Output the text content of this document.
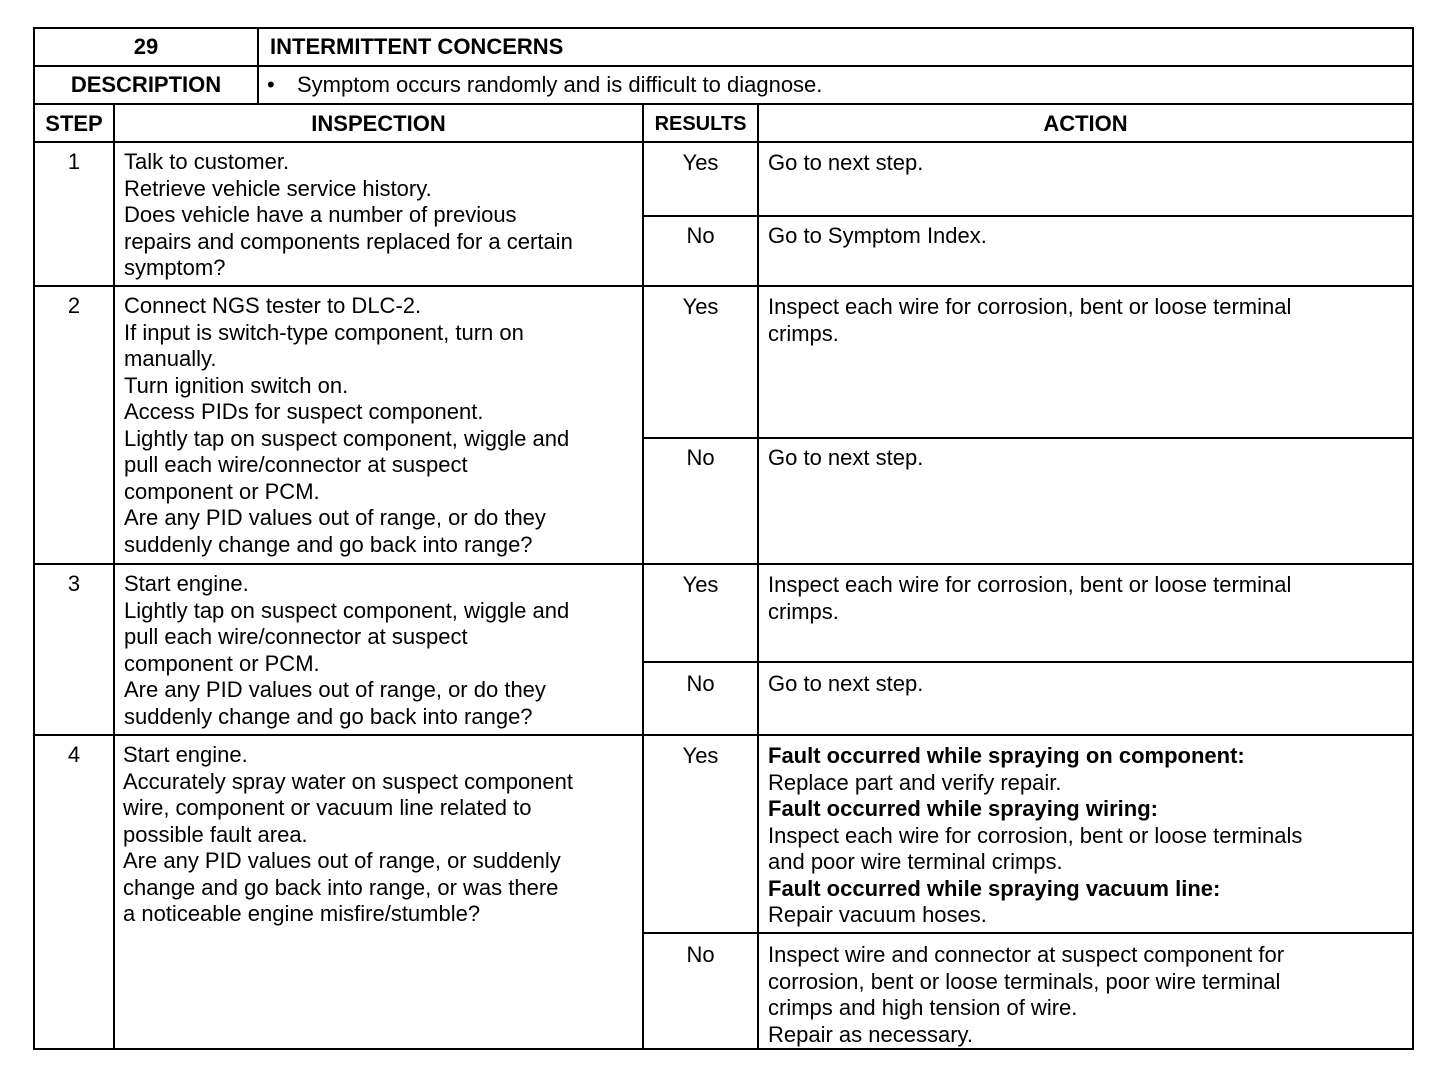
29	INTERMITTENT CONCERNS
DESCRIPTION	• Symptom occurs randomly and is difficult to diagnose.
STEP	INSPECTION	RESULTS	ACTION
1	Talk to customer.
Retrieve vehicle service history.
Does vehicle have a number of previous
repairs and components replaced for a certain
symptom?
Yes	Go to next step.
No	Go to Symptom Index.
2	Connect NGS tester to DLC-2.
If input is switch-type component, turn on
manually.
Turn ignition switch on.
Access PIDs for suspect component.
Lightly tap on suspect component, wiggle and
pull each wire/connector at suspect
component or PCM.
Are any PID values out of range, or do they
suddenly change and go back into range?
Yes	Inspect each wire for corrosion, bent or loose terminal
crimps.
No	Go to next step.
3	Start engine.
Lightly tap on suspect component, wiggle and
pull each wire/connector at suspect
component or PCM.
Are any PID values out of range, or do they
suddenly change and go back into range?
Yes	Inspect each wire for corrosion, bent or loose terminal
crimps.
No	Go to next step.
4	Start engine.
Accurately spray water on suspect component
wire, component or vacuum line related to
possible fault area.
Are any PID values out of range, or suddenly
change and go back into range, or was there
a noticeable engine misfire/stumble?
Yes	Fault occurred while spraying on component:
Replace part and verify repair.
Fault occurred while spraying wiring:
Inspect each wire for corrosion, bent or loose terminals
and poor wire terminal crimps.
Fault occurred while spraying vacuum line:
Repair vacuum hoses.
No	Inspect wire and connector at suspect component for
corrosion, bent or loose terminals, poor wire terminal
crimps and high tension of wire.
Repair as necessary.
